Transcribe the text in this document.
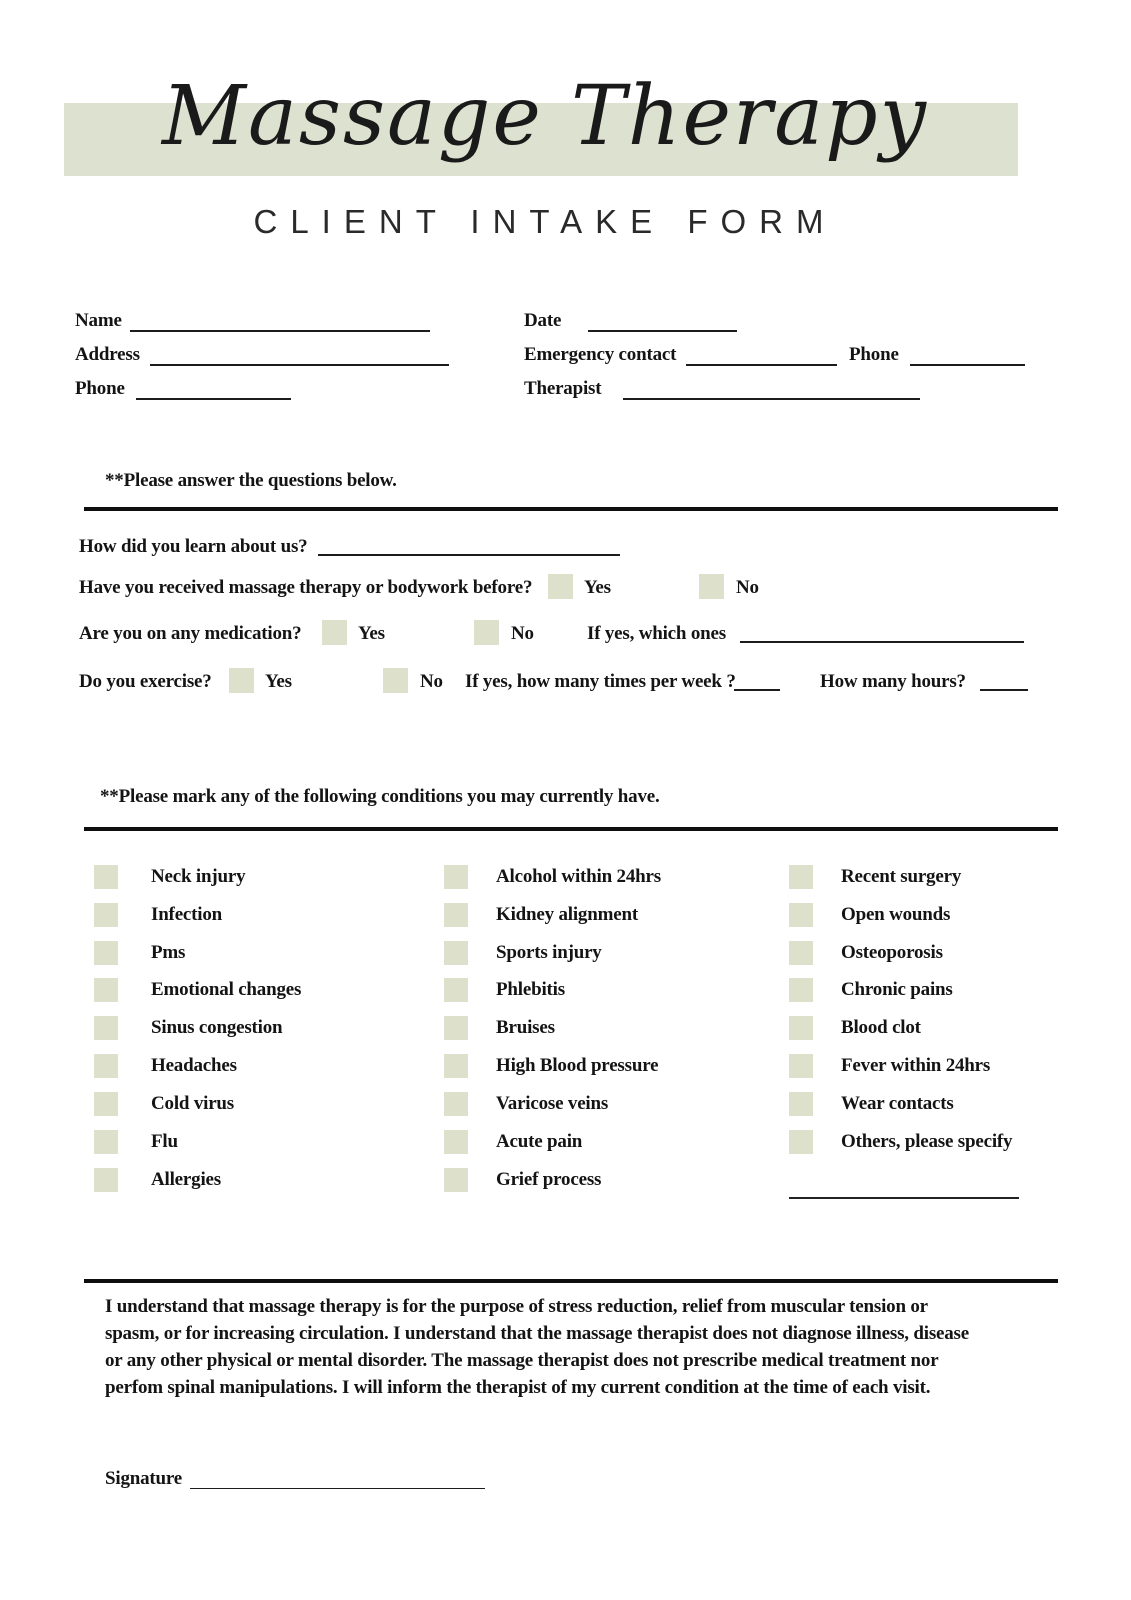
Massage Therapy
CLIENT INTAKE FORM
Name	Date
Address	Emergency contact	Phone
Phone	Therapist
**Please answer the questions below.
How did you learn about us?
Have you received massage therapy or bodywork before?	Yes	No
Are you on any medication?	Yes	No	If yes, which ones
Do you exercise?	Yes	No If yes, how many times per week ?	How many hours?
**Please mark any of the following conditions you may currently have.
Neck injury
Infection
Pms
Emotional changes
Sinus congestion
Headaches
Cold virus
Flu
Allergies
Alcohol within 24hrs
Kidney alignment
Sports injury
Phlebitis
Bruises
High Blood pressure
Varicose veins
Acute pain
Grief process
Recent surgery
Open wounds
Osteoporosis
Chronic pains
Blood clot
Fever within 24hrs
Wear contacts
Others, please specify
I understand that massage therapy is for the purpose of stress reduction, relief from muscular tension or spasm, or for increasing circulation. I understand that the massage therapist does not diagnose illness, disease or any other physical or mental disorder. The massage therapist does not prescribe medical treatment nor perfom spinal manipulations. I will inform the therapist of my current condition at the time of each visit.
Signature
